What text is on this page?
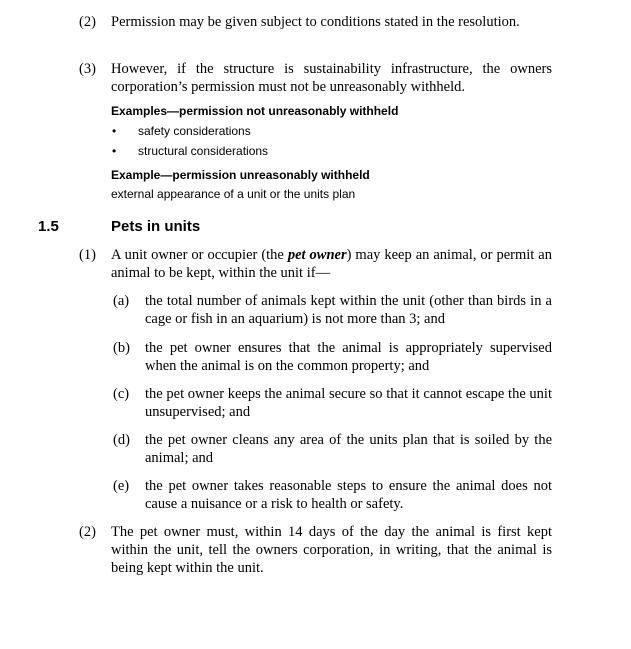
(2) Permission may be given subject to conditions stated in the resolution.
(3) However, if the structure is sustainability infrastructure, the owners corporation’s permission must not be unreasonably withheld.
Examples—permission not unreasonably withheld
• safety considerations
• structural considerations
Example—permission unreasonably withheld
external appearance of a unit or the units plan
1.5	Pets in units
(1) A unit owner or occupier (the pet owner) may keep an animal, or permit an animal to be kept, within the unit if—
(a) the total number of animals kept within the unit (other than birds in a cage or fish in an aquarium) is not more than 3; and
(b) the pet owner ensures that the animal is appropriately supervised when the animal is on the common property; and
(c) the pet owner keeps the animal secure so that it cannot escape the unit unsupervised; and
(d) the pet owner cleans any area of the units plan that is soiled by the animal; and
(e) the pet owner takes reasonable steps to ensure the animal does not cause a nuisance or a risk to health or safety.
(2) The pet owner must, within 14 days of the day the animal is first kept within the unit, tell the owners corporation, in writing, that the animal is being kept within the unit.
